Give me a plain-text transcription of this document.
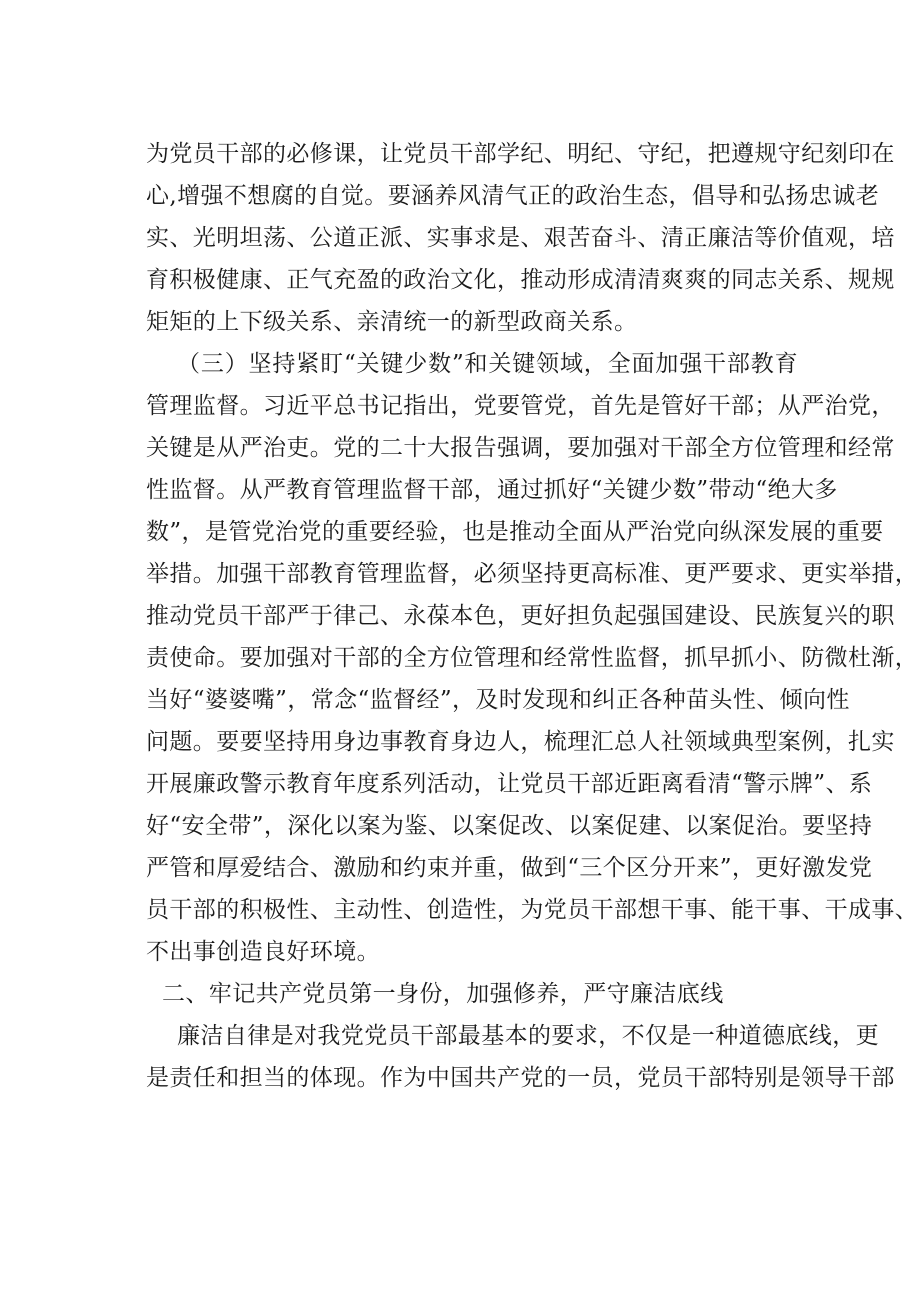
为党员干部的必修课，让党员干部学纪、明纪、守纪，把遵规守纪刻印在

心,增强不想腐的自觉。要涵养风清气正的政治生态，倡导和弘扬忠诚老

实、光明坦荡、公道正派、实事求是、艰苦奋斗、清正廉洁等价值观，培

育积极健康、正气充盈的政治文化，推动形成清清爽爽的同志关系、规规

矩矩的上下级关系、亲清统一的新型政商关系。

（三）坚持紧盯“关键少数”和关键领域，全面加强干部教育

管理监督。习近平总书记指出，党要管党，首先是管好干部；从严治党，

关键是从严治吏。党的二十大报告强调，要加强对干部全方位管理和经常

性监督。从严教育管理监督干部，通过抓好“关键少数”带动“绝大多

数”，是管党治党的重要经验，也是推动全面从严治党向纵深发展的重要

举措。加强干部教育管理监督，必须坚持更高标准、更严要求、更实举措，

推动党员干部严于律己、永葆本色，更好担负起强国建设、民族复兴的职

责使命。要加强对干部的全方位管理和经常性监督，抓早抓小、防微杜渐，

当好“婆婆嘴”，常念“监督经”，及时发现和纠正各种苗头性、倾向性

问题。要要坚持用身边事教育身边人，梳理汇总人社领域典型案例，扎实

开展廉政警示教育年度系列活动，让党员干部近距离看清“警示牌”、系

好“安全带”，深化以案为鉴、以案促改、以案促建、以案促治。要坚持

严管和厚爱结合、激励和约束并重，做到“三个区分开来”，更好激发党

员干部的积极性、主动性、创造性，为党员干部想干事、能干事、干成事、

不出事创造良好环境。

二、牢记共产党员第一身份，加强修养，严守廉洁底线

廉洁自律是对我党党员干部最基本的要求，不仅是一种道德底线，更

是责任和担当的体现。作为中国共产党的一员，党员干部特别是领导干部
